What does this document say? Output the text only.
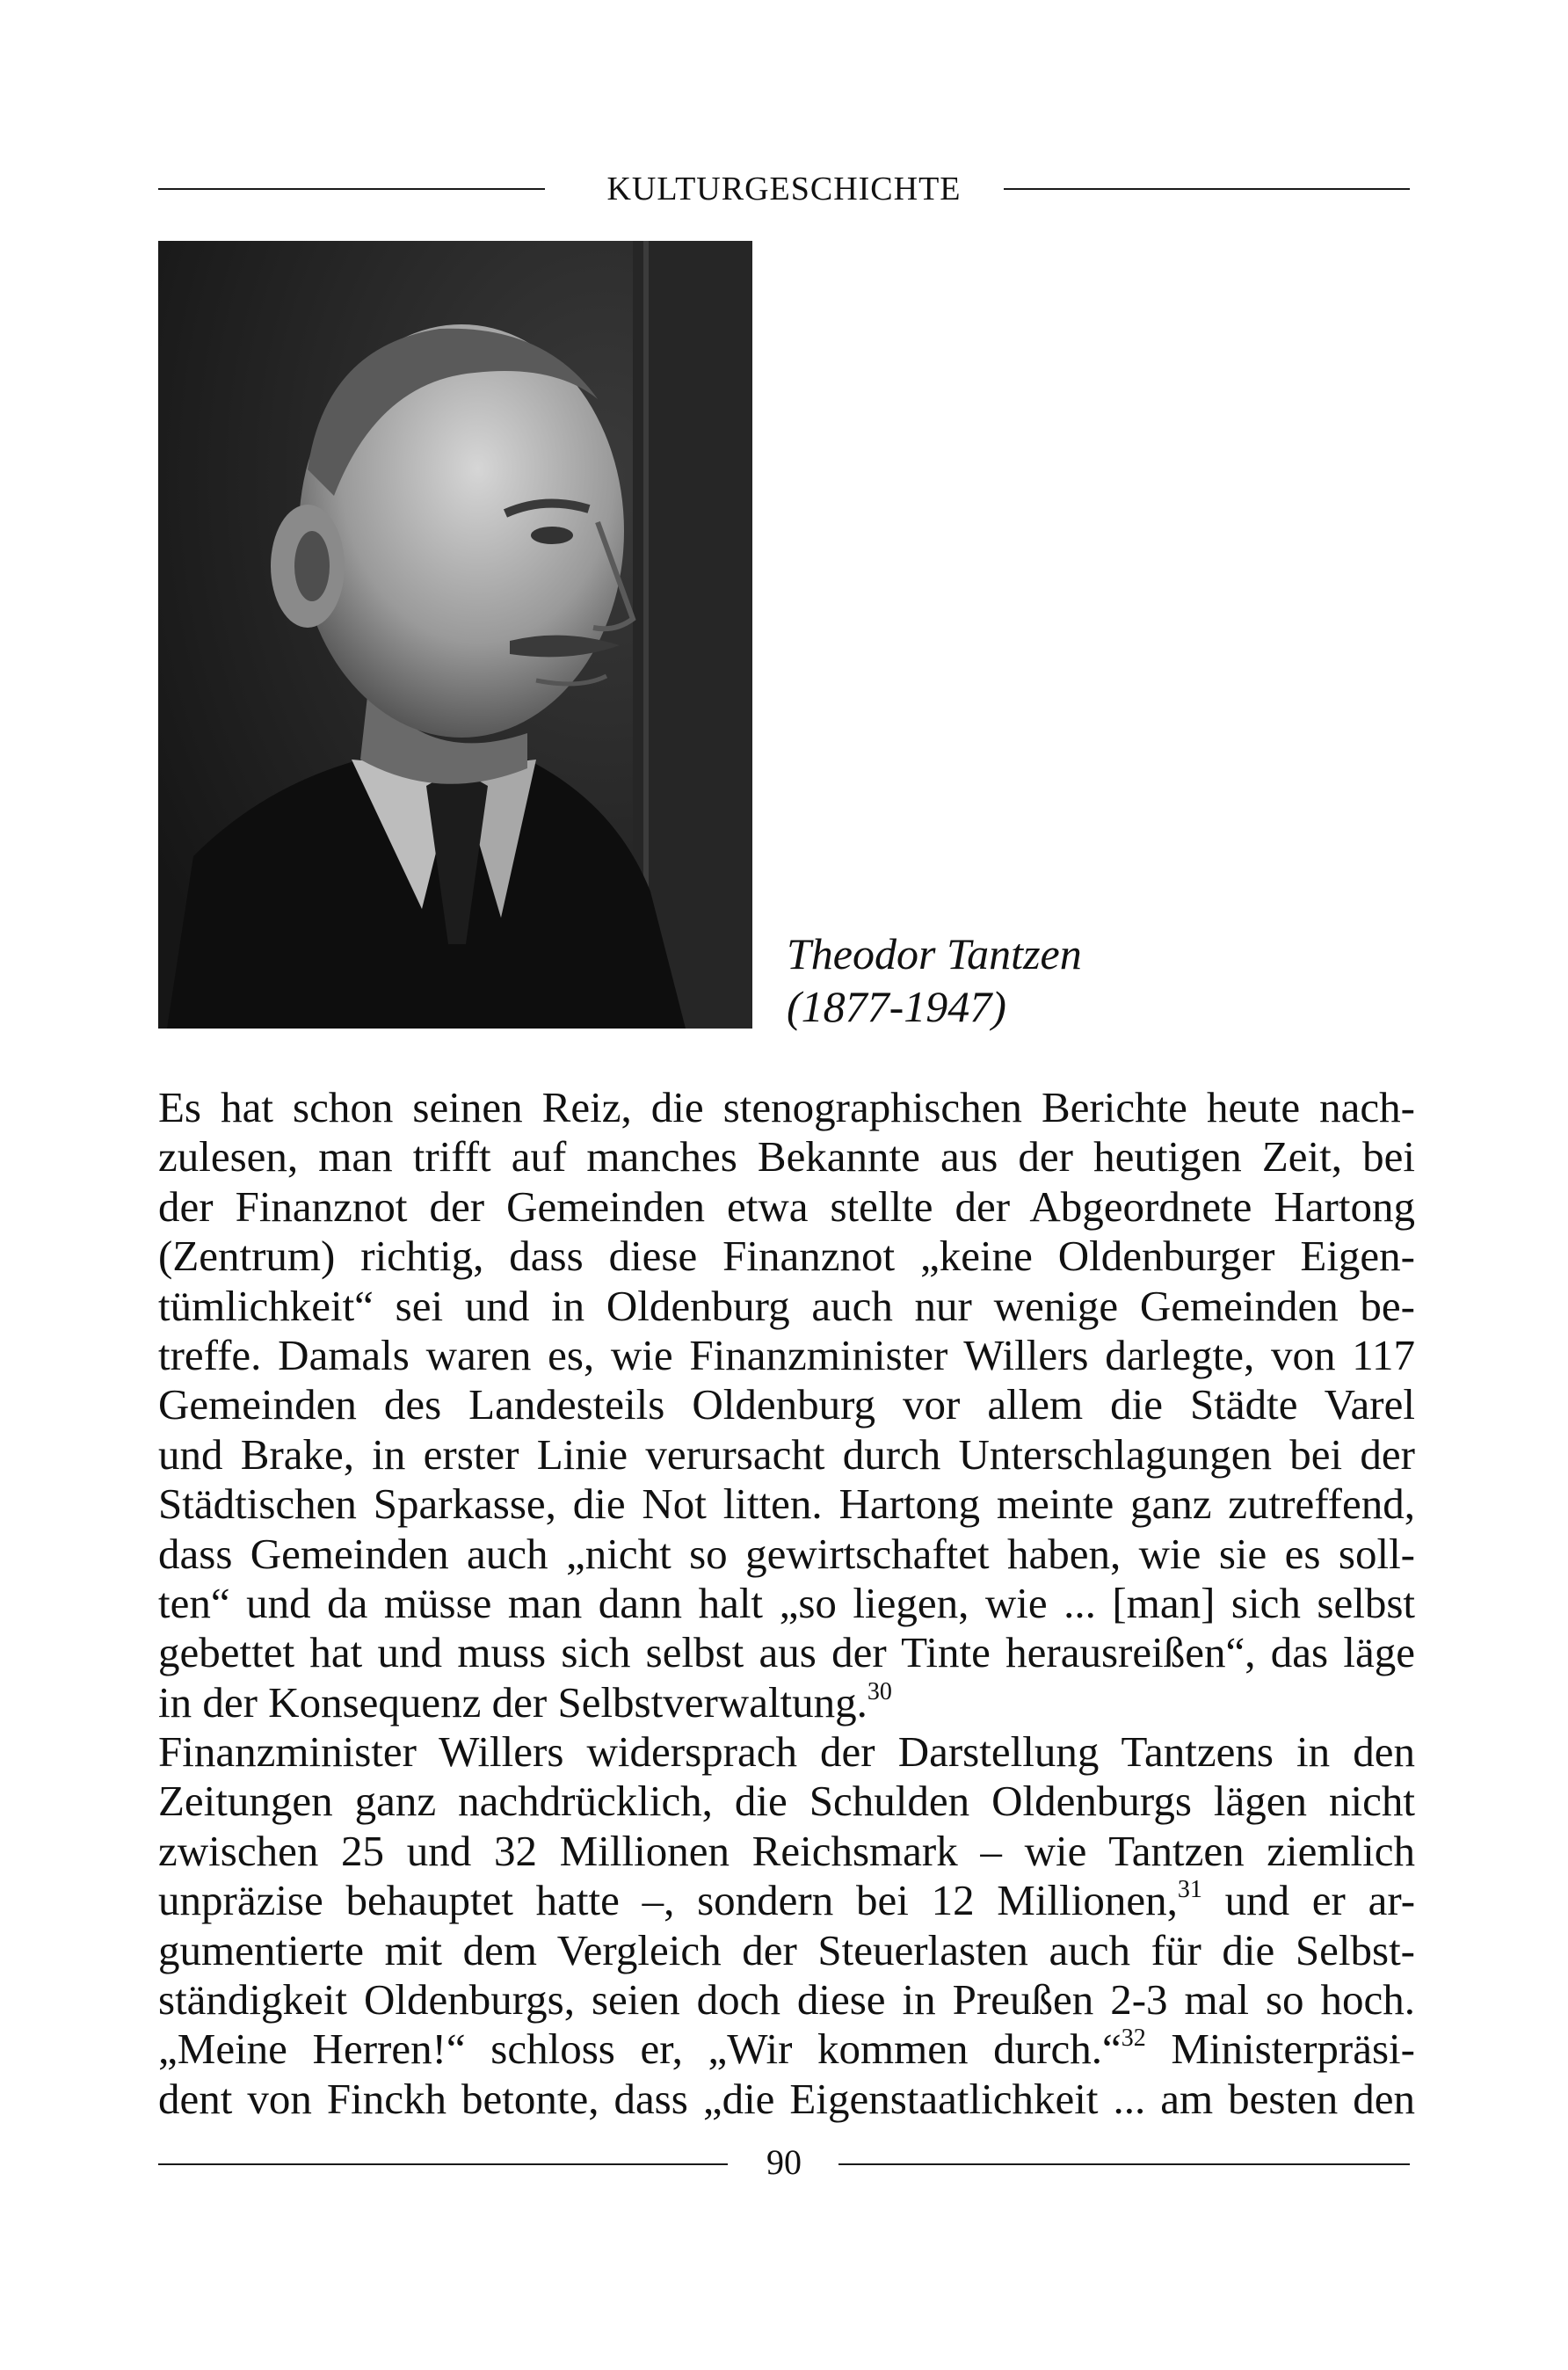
KULTURGESCHICHTE
Theodor Tantzen
(1877-1947)
Es hat schon seinen Reiz, die stenographischen Berichte heute nach-
zulesen, man trifft auf manches Bekannte aus der heutigen Zeit, bei
der Finanznot der Gemeinden etwa stellte der Abgeordnete Hartong
(Zentrum) richtig, dass diese Finanznot „keine Oldenburger Eigen-
tümlichkeit“ sei und in Oldenburg auch nur wenige Gemeinden be-
treffe. Damals waren es, wie Finanzminister Willers darlegte, von 117
Gemeinden des Landesteils Oldenburg vor allem die Städte Varel
und Brake, in erster Linie verursacht durch Unterschlagungen bei der
Städtischen Sparkasse, die Not litten. Hartong meinte ganz zutreffend,
dass Gemeinden auch „nicht so gewirtschaftet haben, wie sie es soll-
ten“ und da müsse man dann halt „so liegen, wie ... [man] sich selbst
gebettet hat und muss sich selbst aus der Tinte herausreißen“, das läge
in der Konsequenz der Selbstverwaltung.$^{30}$
Finanzminister Willers widersprach der Darstellung Tantzens in den
Zeitungen ganz nachdrücklich, die Schulden Oldenburgs lägen nicht
zwischen 25 und 32 Millionen Reichsmark – wie Tantzen ziemlich
unpräzise behauptet hatte –, sondern bei 12 Millionen,$^{31}$ und er ar-
gumentierte mit dem Vergleich der Steuerlasten auch für die Selbst-
ständigkeit Oldenburgs, seien doch diese in Preußen 2-3 mal so hoch.
„Meine Herren!“ schloss er, „Wir kommen durch.“$^{32}$ Ministerpräsi-
dent von Finckh betonte, dass „die Eigenstaatlichkeit ... am besten den
90
